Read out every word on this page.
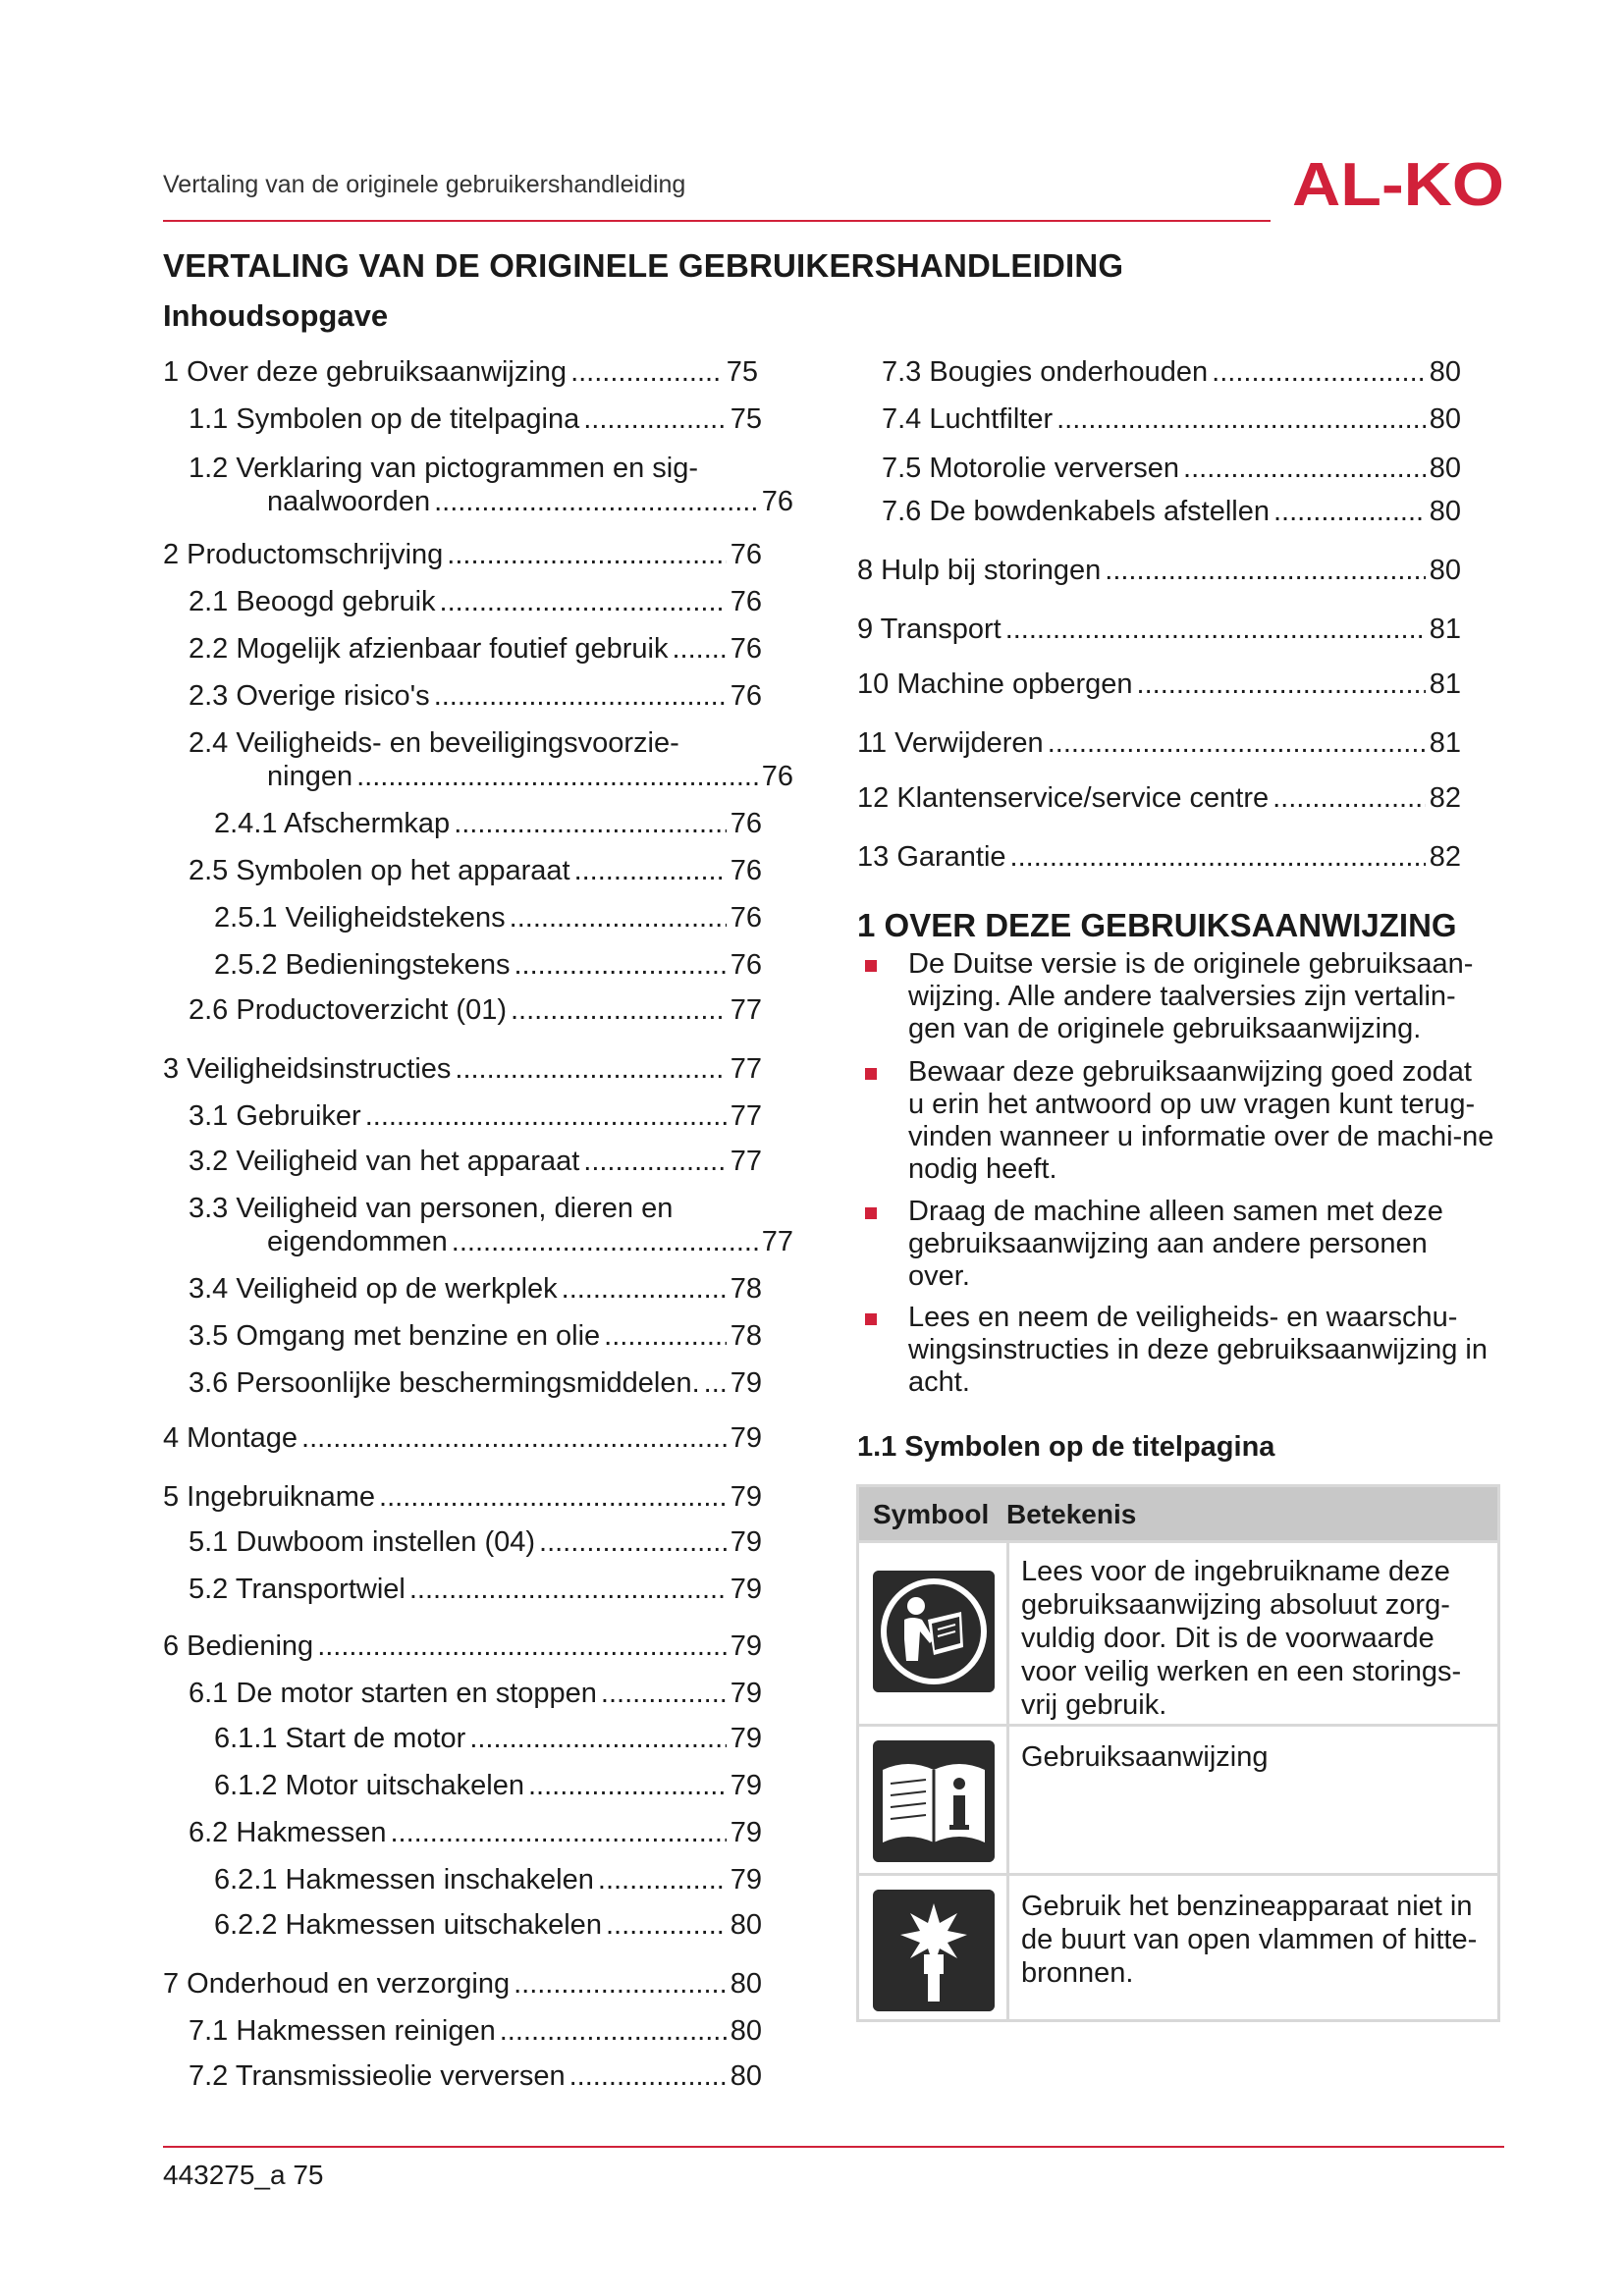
Vertaling van de originele gebruikershandleiding	AL-KO
VERTALING VAN DE ORIGINELE GEBRUIKERSHANDLEIDING
Inhoudsopgave
1 Over deze gebruiksaanwijzing .....	75
1.1 Symbolen op de titelpagina .....	75
1.2 Verklaring van pictogrammen en sig-
naalwoorden .....	76
2 Productomschrijving .....	76
2.1 Beoogd gebruik .....	76
2.2 Mogelijk afzienbaar foutief gebruik ..... 76
2.3 Overige risico's .....	76
2.4 Veiligheids- en beveiligingsvoorzie-
ningen .....	76
2.4.1 Afschermkap .....	76
2.5 Symbolen op het apparaat .....	76
2.5.1 Veiligheidstekens .....	76
2.5.2 Bedieningstekens .....	76
2.6 Productoverzicht (01) .....	77
3 Veiligheidsinstructies .....	77
3.1 Gebruiker .....	77
3.2 Veiligheid van het apparaat .....	77
3.3 Veiligheid van personen, dieren en
eigendommen .....	77
3.4 Veiligheid op de werkplek .....	78
3.5 Omgang met benzine en olie .....	78
3.6 Persoonlijke beschermingsmiddelen. ..... 79
4 Montage .....	79
5 Ingebruikname .....	79
5.1 Duwboom instellen (04) .....	79
5.2 Transportwiel .....	79
6 Bediening .....	79
6.1 De motor starten en stoppen .....	79
6.1.1 Start de motor .....	79
6.1.2 Motor uitschakelen .....	79
6.2 Hakmessen .....	79
6.2.1 Hakmessen inschakelen .....	79
6.2.2 Hakmessen uitschakelen .....	80
7 Onderhoud en verzorging .....	80
7.1 Hakmessen reinigen .....	80
7.2 Transmissieolie verversen .....	80
7.3 Bougies onderhouden .....	80
7.4 Luchtfilter .....	80
7.5 Motorolie verversen .....	80
7.6 De bowdenkabels afstellen .....	80
8 Hulp bij storingen .....	80
9 Transport .....	81
10 Machine opbergen .....	81
11 Verwijderen .....	81
12 Klantenservice/service centre .....	82
13 Garantie .....	82
1 OVER DEZE GEBRUIKSAANWIJZING
De Duitse versie is de originele gebruiksaan-wijzing. Alle andere taalversies zijn vertalin-gen van de originele gebruiksaanwijzing.
Bewaar deze gebruiksaanwijzing goed zodat u erin het antwoord op uw vragen kunt terug-vinden wanneer u informatie over de machi-ne nodig heeft.
Draag de machine alleen samen met deze gebruiksaanwijzing aan andere personen over.
Lees en neem de veiligheids- en waarschu-wingsinstructies in deze gebruiksaanwijzing in acht.
1.1 Symbolen op de titelpagina
Symbool Betekenis
Lees voor de ingebruikname deze gebruiksaanwijzing absoluut zorg-vuldig door. Dit is de voorwaarde voor veilig werken en een storings-vrij gebruik.
Gebruiksaanwijzing
Gebruik het benzineapparaat niet in de buurt van open vlammen of hitte-bronnen.
443275_a 75
